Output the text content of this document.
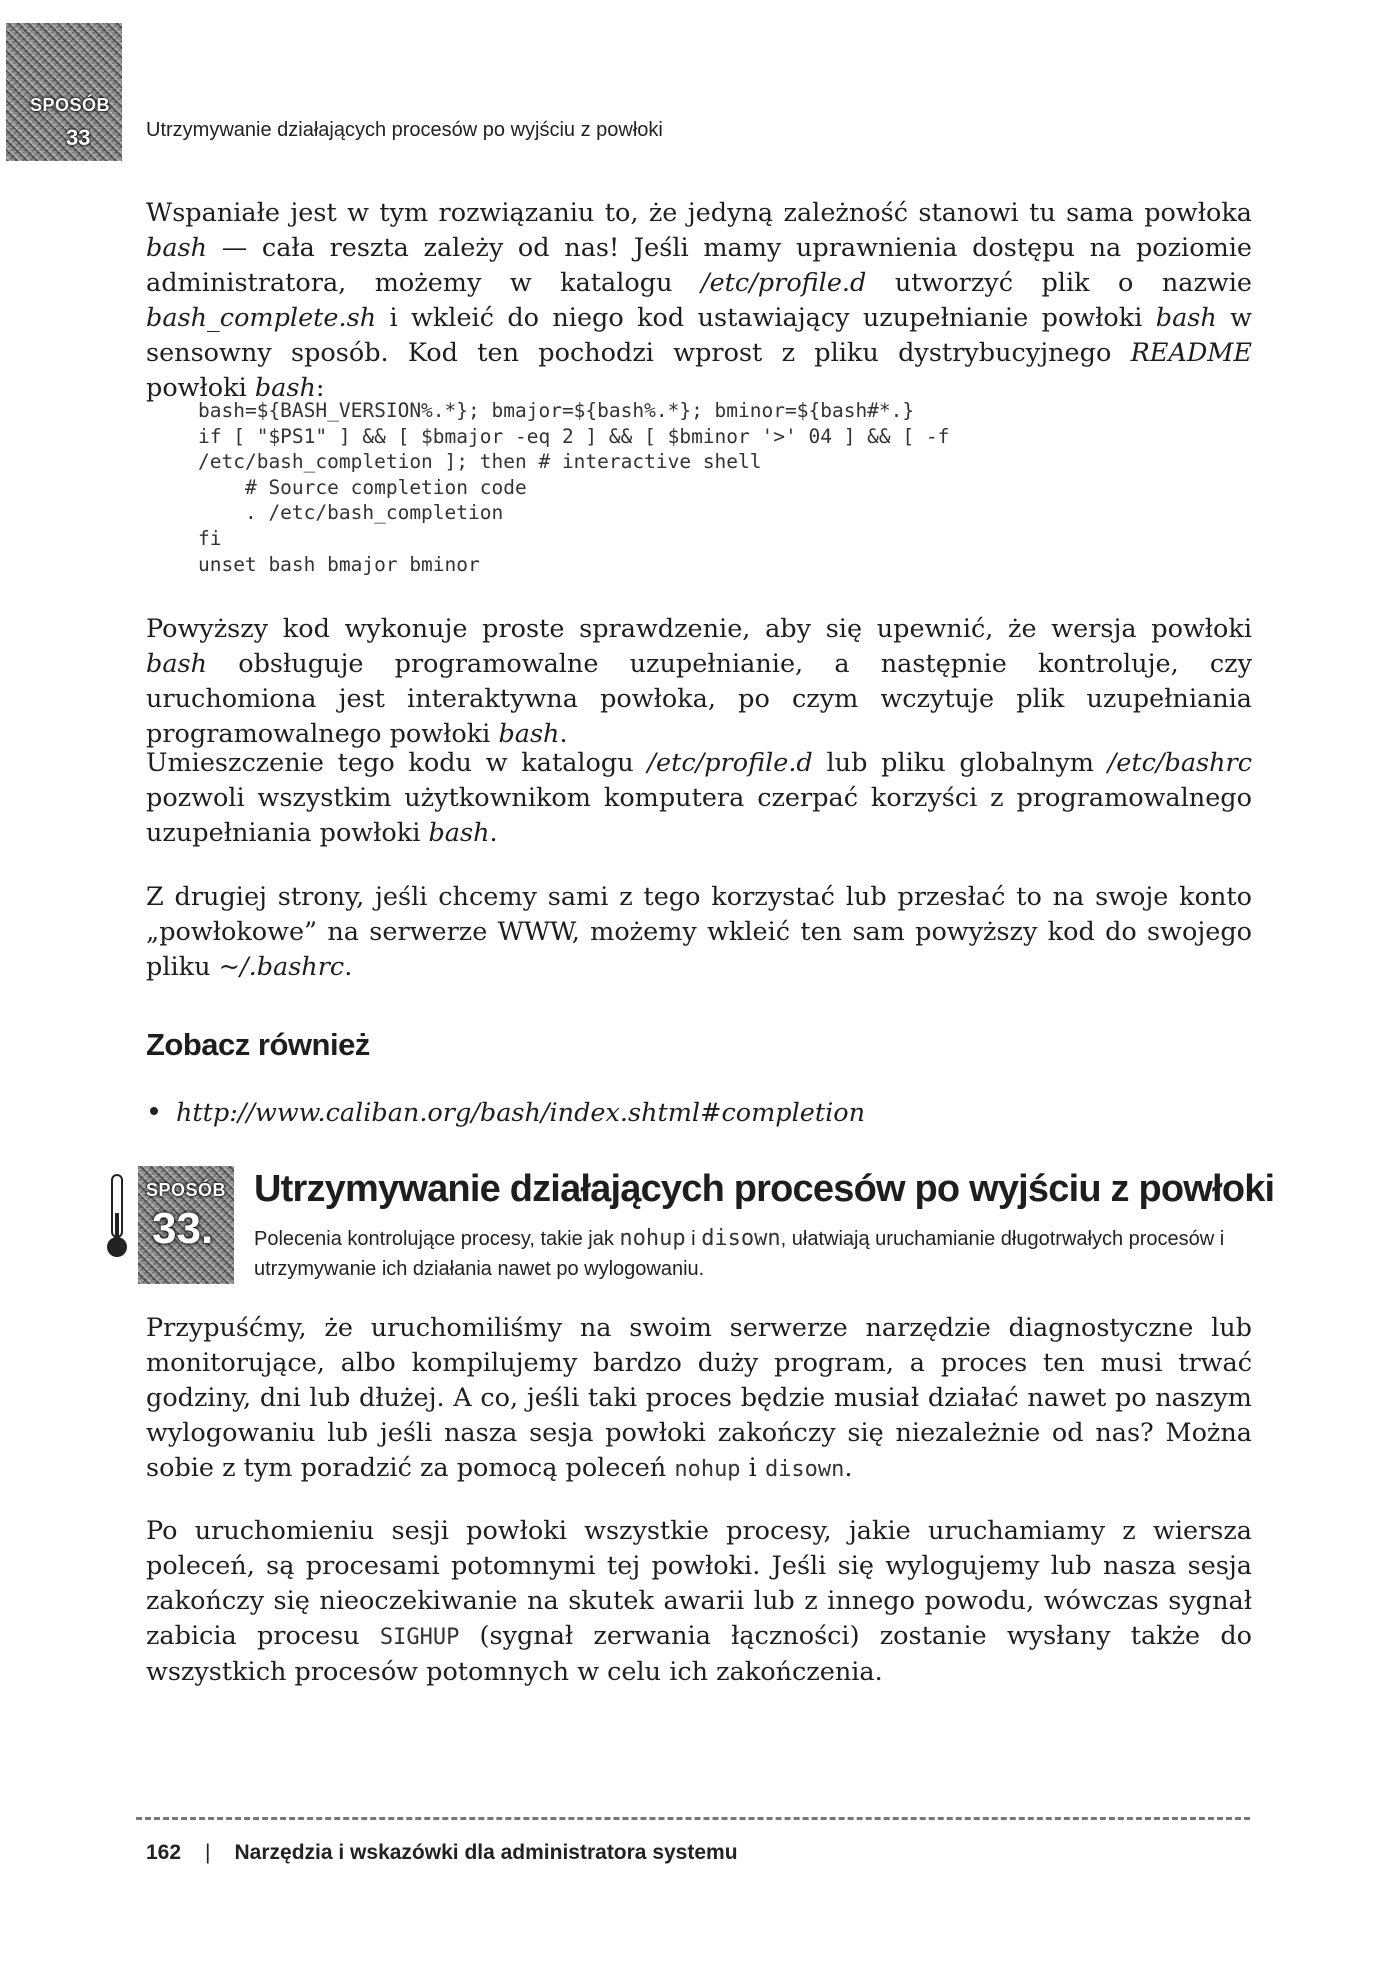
SPOSÓB
33	Utrzymywanie działających procesów po wyjściu z powłoki

Wspaniałe jest w tym rozwiązaniu to, że jedyną zależność stanowi tu sama powłoka bash — cała reszta zależy od nas! Jeśli mamy uprawnienia dostępu na poziomie administratora, możemy w katalogu /etc/profile.d utworzyć plik o nazwie bash_complete.sh i wkleić do niego kod ustawiający uzupełnianie powłoki bash w sensowny sposób. Kod ten pochodzi wprost z pliku dystrybucyjnego README powłoki bash:

bash=${BASH_VERSION%.*}; bmajor=${bash%.*}; bminor=${bash#*.}
if [ "$PS1" ] && [ $bmajor -eq 2 ] && [ $bminor '>' 04 ] && [ -f
/etc/bash_completion ]; then # interactive shell
# Source completion code
. /etc/bash_completion
fi
unset bash bmajor bminor

Powyższy kod wykonuje proste sprawdzenie, aby się upewnić, że wersja powłoki bash obsługuje programowalne uzupełnianie, a następnie kontroluje, czy uruchomiona jest interaktywna powłoka, po czym wczytuje plik uzupełniania programowalnego powłoki bash.

Umieszczenie tego kodu w katalogu /etc/profile.d lub pliku globalnym /etc/bashrc pozwoli wszystkim użytkownikom komputera czerpać korzyści z programowalnego uzupełniania powłoki bash.

Z drugiej strony, jeśli chcemy sami z tego korzystać lub przesłać to na swoje konto „powłokowe” na serwerze WWW, możemy wkleić ten sam powyższy kod do swojego pliku ~/.bashrc.

Zobacz również
http://www.caliban.org/bash/index.shtml#completion
SPOSÓB
33.
Utrzymywanie działających procesów po wyjściu z powłoki
Polecenia kontrolujące procesy, takie jak nohup i disown, ułatwiają uruchamianie długotrwałych procesów i utrzymywanie ich działania nawet po wylogowaniu.

Przypuśćmy, że uruchomiliśmy na swoim serwerze narzędzie diagnostyczne lub monitorujące, albo kompilujemy bardzo duży program, a proces ten musi trwać godziny, dni lub dłużej. A co, jeśli taki proces będzie musiał działać nawet po naszym wylogowaniu lub jeśli nasza sesja powłoki zakończy się niezależnie od nas? Można sobie z tym poradzić za pomocą poleceń nohup i disown.

Po uruchomieniu sesji powłoki wszystkie procesy, jakie uruchamiamy z wiersza poleceń, są procesami potomnymi tej powłoki. Jeśli się wylogujemy lub nasza sesja zakończy się nieoczekiwanie na skutek awarii lub z innego powodu, wówczas sygnał zabicia procesu SIGHUP (sygnał zerwania łączności) zostanie wysłany także do wszystkich procesów potomnych w celu ich zakończenia.

162 | Narzędzia i wskazówki dla administratora systemu
